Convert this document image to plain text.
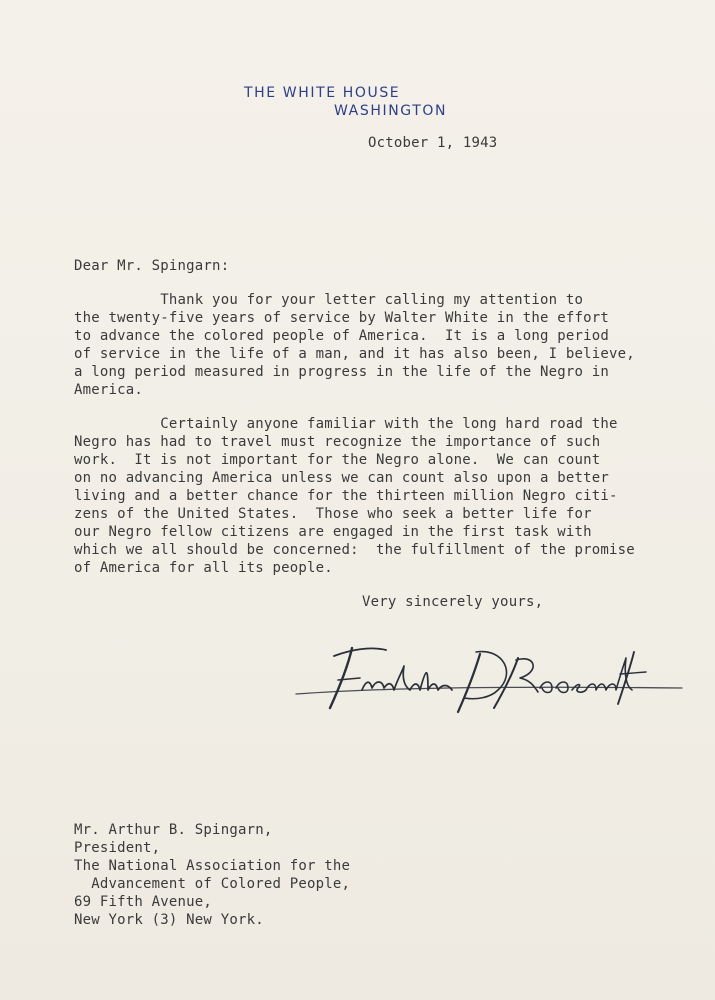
THE WHITE HOUSE
WASHINGTON
October 1, 1943
Dear Mr. Spingarn:
Thank you for your letter calling my attention to
the twenty-five years of service by Walter White in the effort
to advance the colored people of America.  It is a long period
of service in the life of a man, and it has also been, I believe,
a long period measured in progress in the life of the Negro in
America.
Certainly anyone familiar with the long hard road the
Negro has had to travel must recognize the importance of such
work.  It is not important for the Negro alone.  We can count
on no advancing America unless we can count also upon a better
living and a better chance for the thirteen million Negro citi-
zens of the United States.  Those who seek a better life for
our Negro fellow citizens are engaged in the first task with
which we all should be concerned:  the fulfillment of the promise
of America for all its people.
Very sincerely yours,
Mr. Arthur B. Spingarn,
President,
The National Association for the
Advancement of Colored People,
69 Fifth Avenue,
New York (3) New York.
